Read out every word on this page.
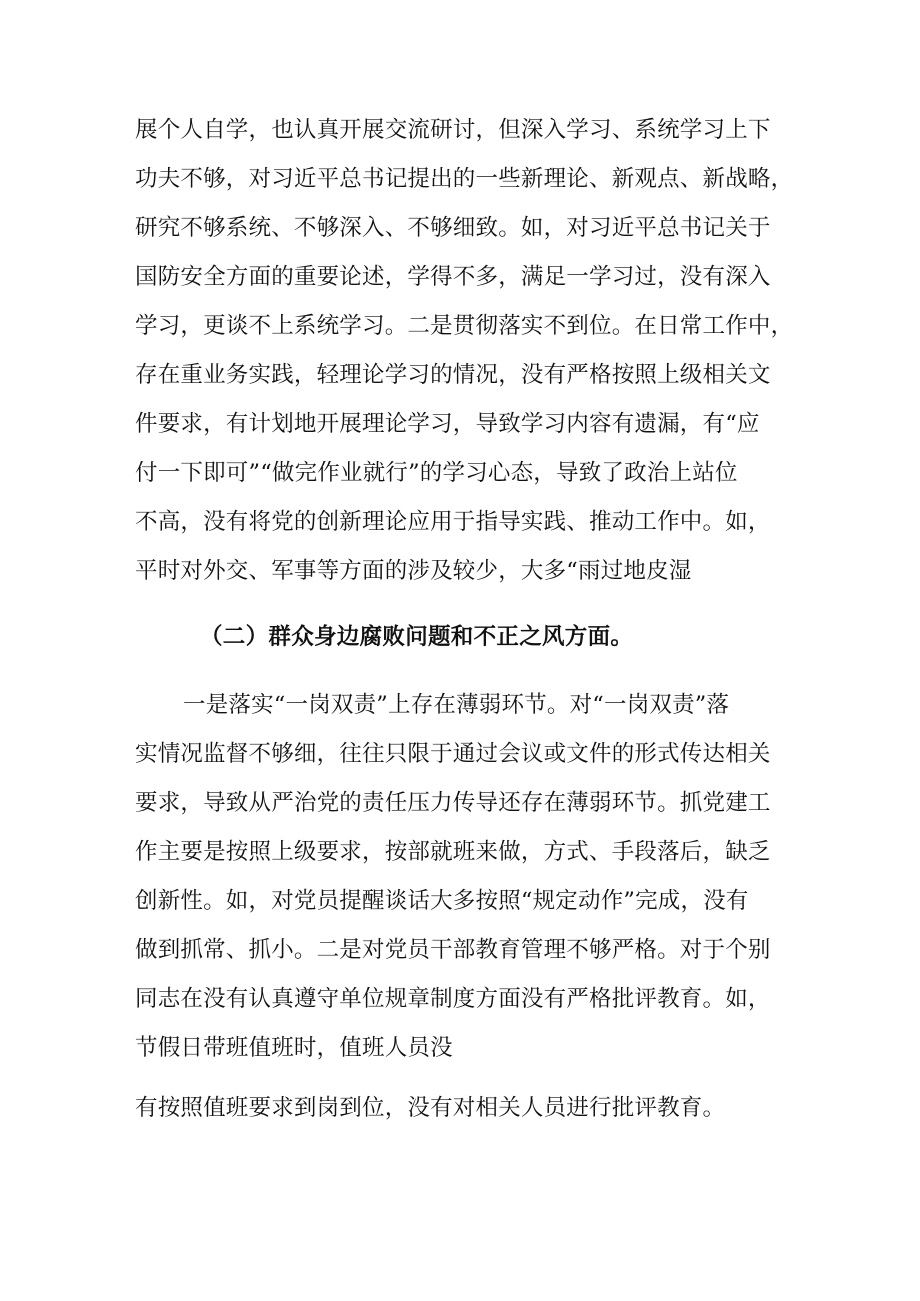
展个人自学，也认真开展交流研讨，但深入学习、系统学习上下
功夫不够，对习近平总书记提出的一些新理论、新观点、新战略，
研究不够系统、不够深入、不够细致。如，对习近平总书记关于
国防安全方面的重要论述，学得不多，满足一学习过，没有深入
学习，更谈不上系统学习。二是贯彻落实不到位。在日常工作中，
存在重业务实践，轻理论学习的情况，没有严格按照上级相关文
件要求，有计划地开展理论学习，导致学习内容有遗漏，有“应
付一下即可”“做完作业就行”的学习心态，导致了政治上站位
不高，没有将党的创新理论应用于指导实践、推动工作中。如，
平时对外交、军事等方面的涉及较少，大多“雨过地皮湿
（二）群众身边腐败问题和不正之风方面。
一是落实“一岗双责”上存在薄弱环节。对“一岗双责”落
实情况监督不够细，往往只限于通过会议或文件的形式传达相关
要求，导致从严治党的责任压力传导还存在薄弱环节。抓党建工
作主要是按照上级要求，按部就班来做，方式、手段落后，缺乏
创新性。如，对党员提醒谈话大多按照“规定动作”完成，没有
做到抓常、抓小。二是对党员干部教育管理不够严格。对于个别
同志在没有认真遵守单位规章制度方面没有严格批评教育。如，
节假日带班值班时，值班人员没
有按照值班要求到岗到位，没有对相关人员进行批评教育。
